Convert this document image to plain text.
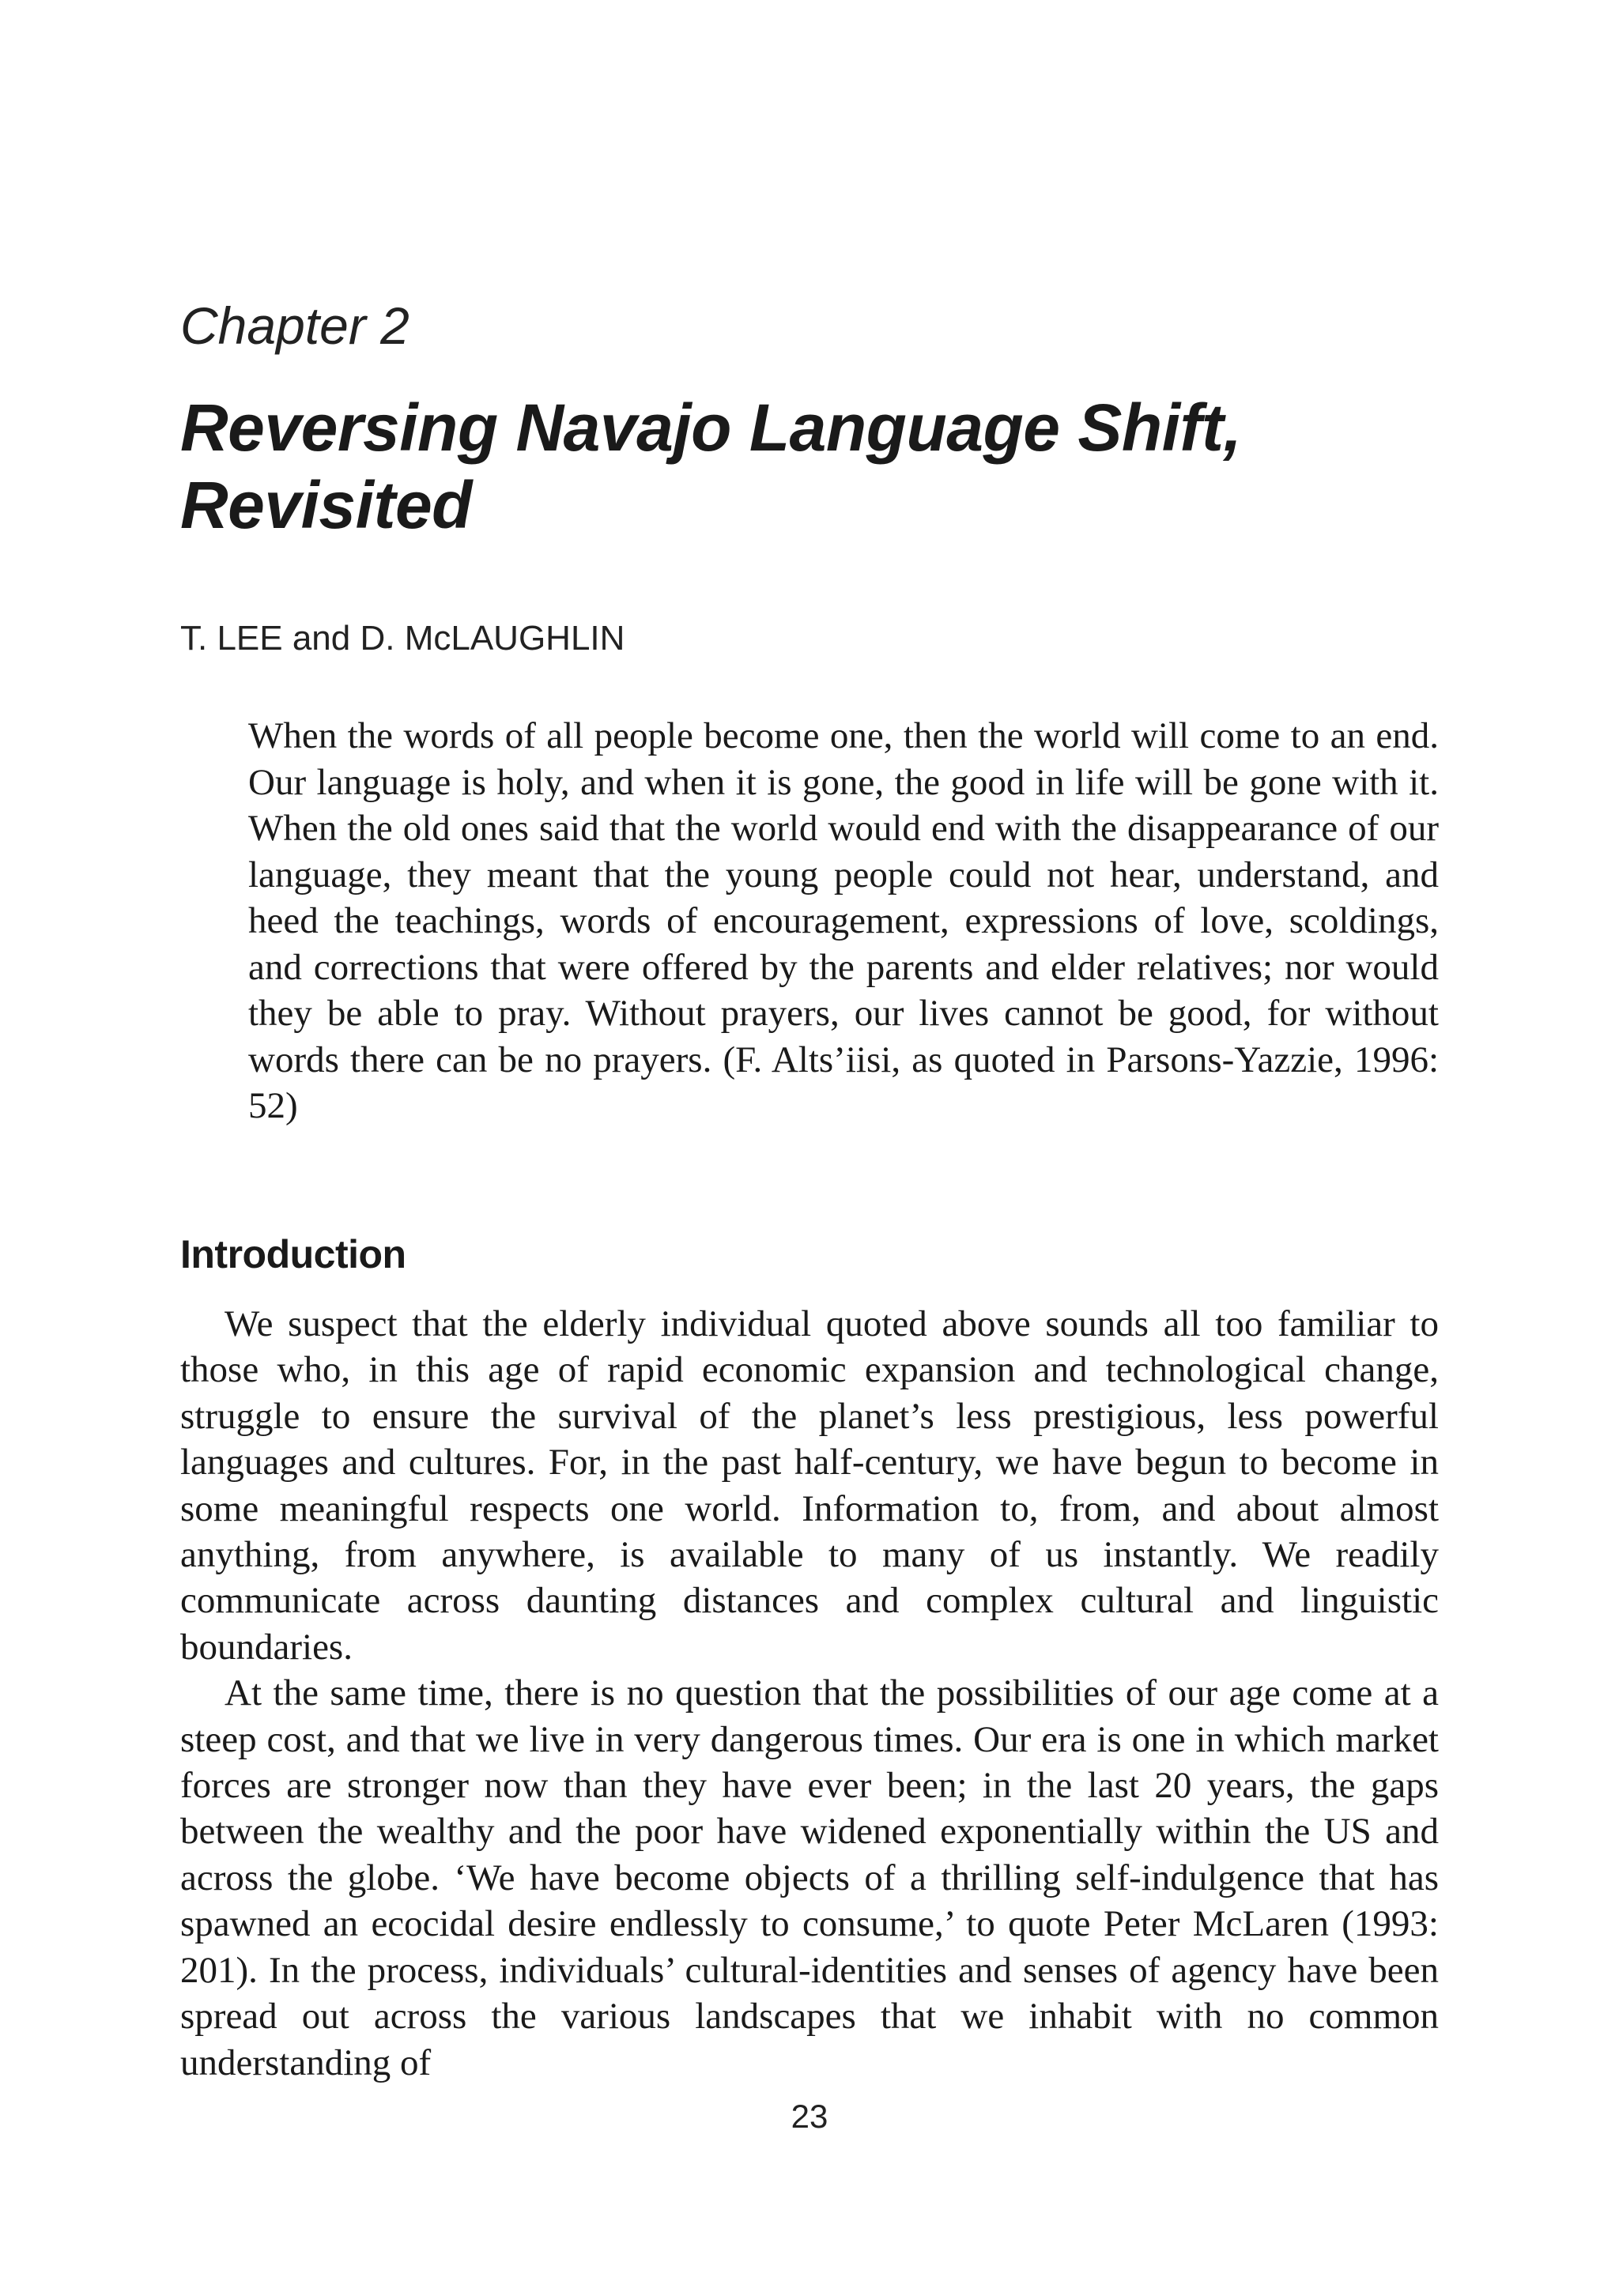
Chapter 2
Reversing Navajo Language Shift, Revisited
T. LEE and D. McLAUGHLIN
When the words of all people become one, then the world will come to an end. Our language is holy, and when it is gone, the good in life will be gone with it. When the old ones said that the world would end with the disappearance of our language, they meant that the young people could not hear, understand, and heed the teachings, words of encouragement, expressions of love, scoldings, and corrections that were offered by the parents and elder relatives; nor would they be able to pray. Without prayers, our lives cannot be good, for without words there can be no prayers. (F. Alts’iisi, as quoted in Parsons-Yazzie, 1996: 52)
Introduction

We suspect that the elderly individual quoted above sounds all too familiar to those who, in this age of rapid economic expansion and technological change, struggle to ensure the survival of the planet’s less prestigious, less powerful languages and cultures. For, in the past half-century, we have begun to become in some meaningful respects one world. Information to, from, and about almost anything, from anywhere, is available to many of us instantly. We readily communicate across daunting distances and complex cultural and linguistic boundaries.

At the same time, there is no question that the possibilities of our age come at a steep cost, and that we live in very dangerous times. Our era is one in which market forces are stronger now than they have ever been; in the last 20 years, the gaps between the wealthy and the poor have widened exponentially within the US and across the globe. ‘We have become objects of a thrilling self-indulgence that has spawned an ecocidal desire endlessly to consume,’ to quote Peter McLaren (1993: 201). In the process, individuals’ cultural-identities and senses of agency have been spread out across the various landscapes that we inhabit with no common understanding of

23
